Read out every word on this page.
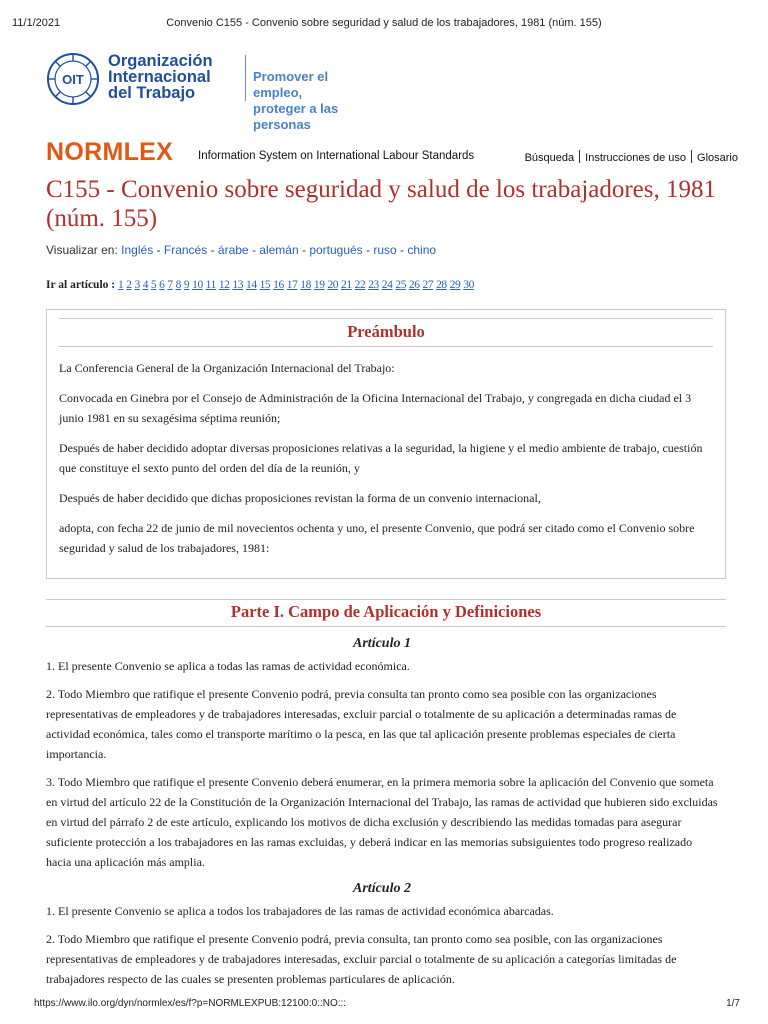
11/1/2021	Convenio C155 - Convenio sobre seguridad y salud de los trabajadores, 1981 (núm. 155)
OIT
Organización
Internacional
del Trabajo
Promover el empleo,
proteger a las personas
NORMLEX Information System on International Labour Standards	Búsqueda Instrucciones de uso Glosario
C155 - Convenio sobre seguridad y salud de los trabajadores, 1981 (núm. 155)
Visualizar en: Inglés - Francés - árabe - alemán - portugués - ruso - chino
Ir al artículo : 1 2 3 4 5 6 7 8 9 10 11 12 13 14 15 16 17 18 19 20 21 22 23 24 25 26 27 28 29 30
Preámbulo

La Conferencia General de la Organización Internacional del Trabajo:

Convocada en Ginebra por el Consejo de Administración de la Oficina Internacional del Trabajo, y congregada en dicha ciudad el 3 junio 1981 en su sexagésima séptima reunión;

Después de haber decidido adoptar diversas proposiciones relativas a la seguridad, la higiene y el medio ambiente de trabajo, cuestión que constituye el sexto punto del orden del día de la reunión, y

Después de haber decidido que dichas proposiciones revistan la forma de un convenio internacional,

adopta, con fecha 22 de junio de mil novecientos ochenta y uno, el presente Convenio, que podrá ser citado como el Convenio sobre seguridad y salud de los trabajadores, 1981:

Parte I. Campo de Aplicación y Definiciones
Artículo 1

1. El presente Convenio se aplica a todas las ramas de actividad económica.

2. Todo Miembro que ratifique el presente Convenio podrá, previa consulta tan pronto como sea posible con las organizaciones representativas de empleadores y de trabajadores interesadas, excluir parcial o totalmente de su aplicación a determinadas ramas de actividad económica, tales como el transporte marítimo o la pesca, en las que tal aplicación presente problemas especiales de cierta importancia.

3. Todo Miembro que ratifique el presente Convenio deberá enumerar, en la primera memoria sobre la aplicación del Convenio que someta en virtud del artículo 22 de la Constitución de la Organización Internacional del Trabajo, las ramas de actividad que hubieren sido excluidas en virtud del párrafo 2 de este artículo, explicando los motivos de dicha exclusión y describiendo las medidas tomadas para asegurar suficiente protección a los trabajadores en las ramas excluidas, y deberá indicar en las memorias subsiguientes todo progreso realizado hacia una aplicación más amplia.

Artículo 2

1. El presente Convenio se aplica a todos los trabajadores de las ramas de actividad económica abarcadas.

2. Todo Miembro que ratifique el presente Convenio podrá, previa consulta, tan pronto como sea posible, con las organizaciones representativas de empleadores y de trabajadores interesadas, excluir parcial o totalmente de su aplicación a categorías limitadas de trabajadores respecto de las cuales se presenten problemas particulares de aplicación.

https://www.ilo.org/dyn/normlex/es/f?p=NORMLEXPUB:12100:0::NO:::	1/7
